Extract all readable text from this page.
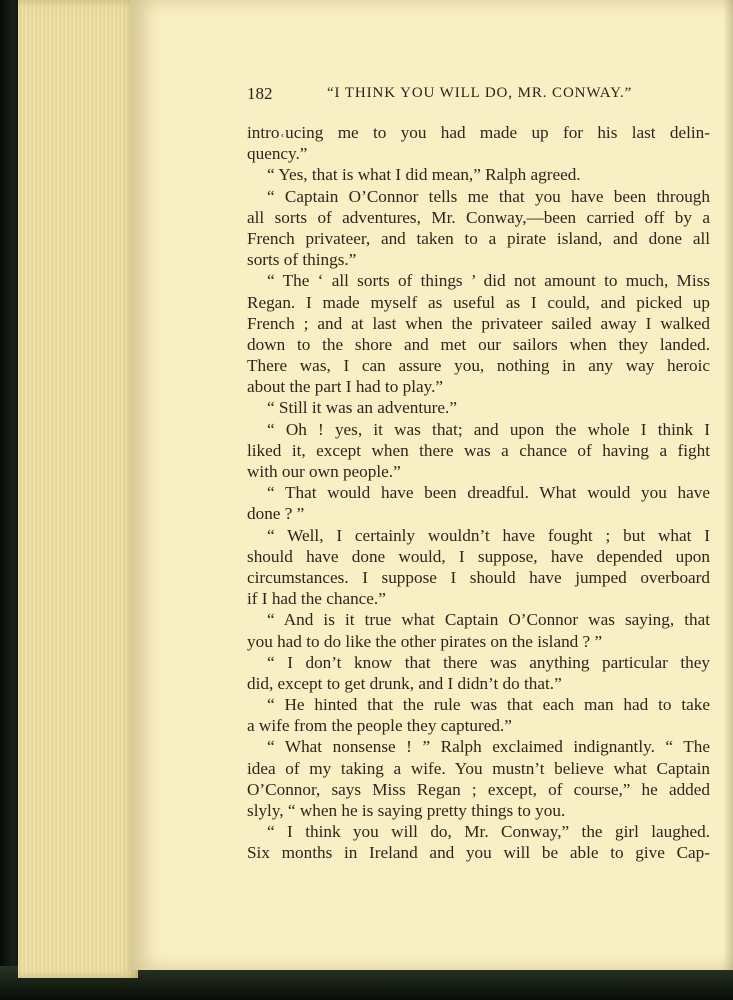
182	“I THINK YOU WILL DO, MR. CONWAY.”
intro˓ucing me to you had made up for his last delin-
quency.”
“ Yes, that is what I did mean,” Ralph agreed.
“ Captain O’Connor tells me that you have been through
all sorts of adventures, Mr. Conway,—been carried off by a
French privateer, and taken to a pirate island, and done all
sorts of things.”
“ The ‘ all sorts of things ’ did not amount to much, Miss
Regan. I made myself as useful as I could, and picked up
French ; and at last when the privateer sailed away I walked
down to the shore and met our sailors when they landed.
There was, I can assure you, nothing in any way heroic
about the part I had to play.”
“ Still it was an adventure.”
“ Oh ! yes, it was that; and upon the whole I think I
liked it, except when there was a chance of having a fight
with our own people.”
“ That would have been dreadful. What would you have
done ? ”
“ Well, I certainly wouldn’t have fought ; but what I
should have done would, I suppose, have depended upon
circumstances. I suppose I should have jumped overboard
if I had the chance.”
“ And is it true what Captain O’Connor was saying, that
you had to do like the other pirates on the island ? ”
“ I don’t know that there was anything particular they
did, except to get drunk, and I didn’t do that.”
“ He hinted that the rule was that each man had to take
a wife from the people they captured.”
“ What nonsense ! ” Ralph exclaimed indignantly. “ The
idea of my taking a wife. You mustn’t believe what Captain
O’Connor, says Miss Regan ; except, of course,” he added
slyly, “ when he is saying pretty things to you.
“ I think you will do, Mr. Conway,” the girl laughed.
Six months in Ireland and you will be able to give Cap-
